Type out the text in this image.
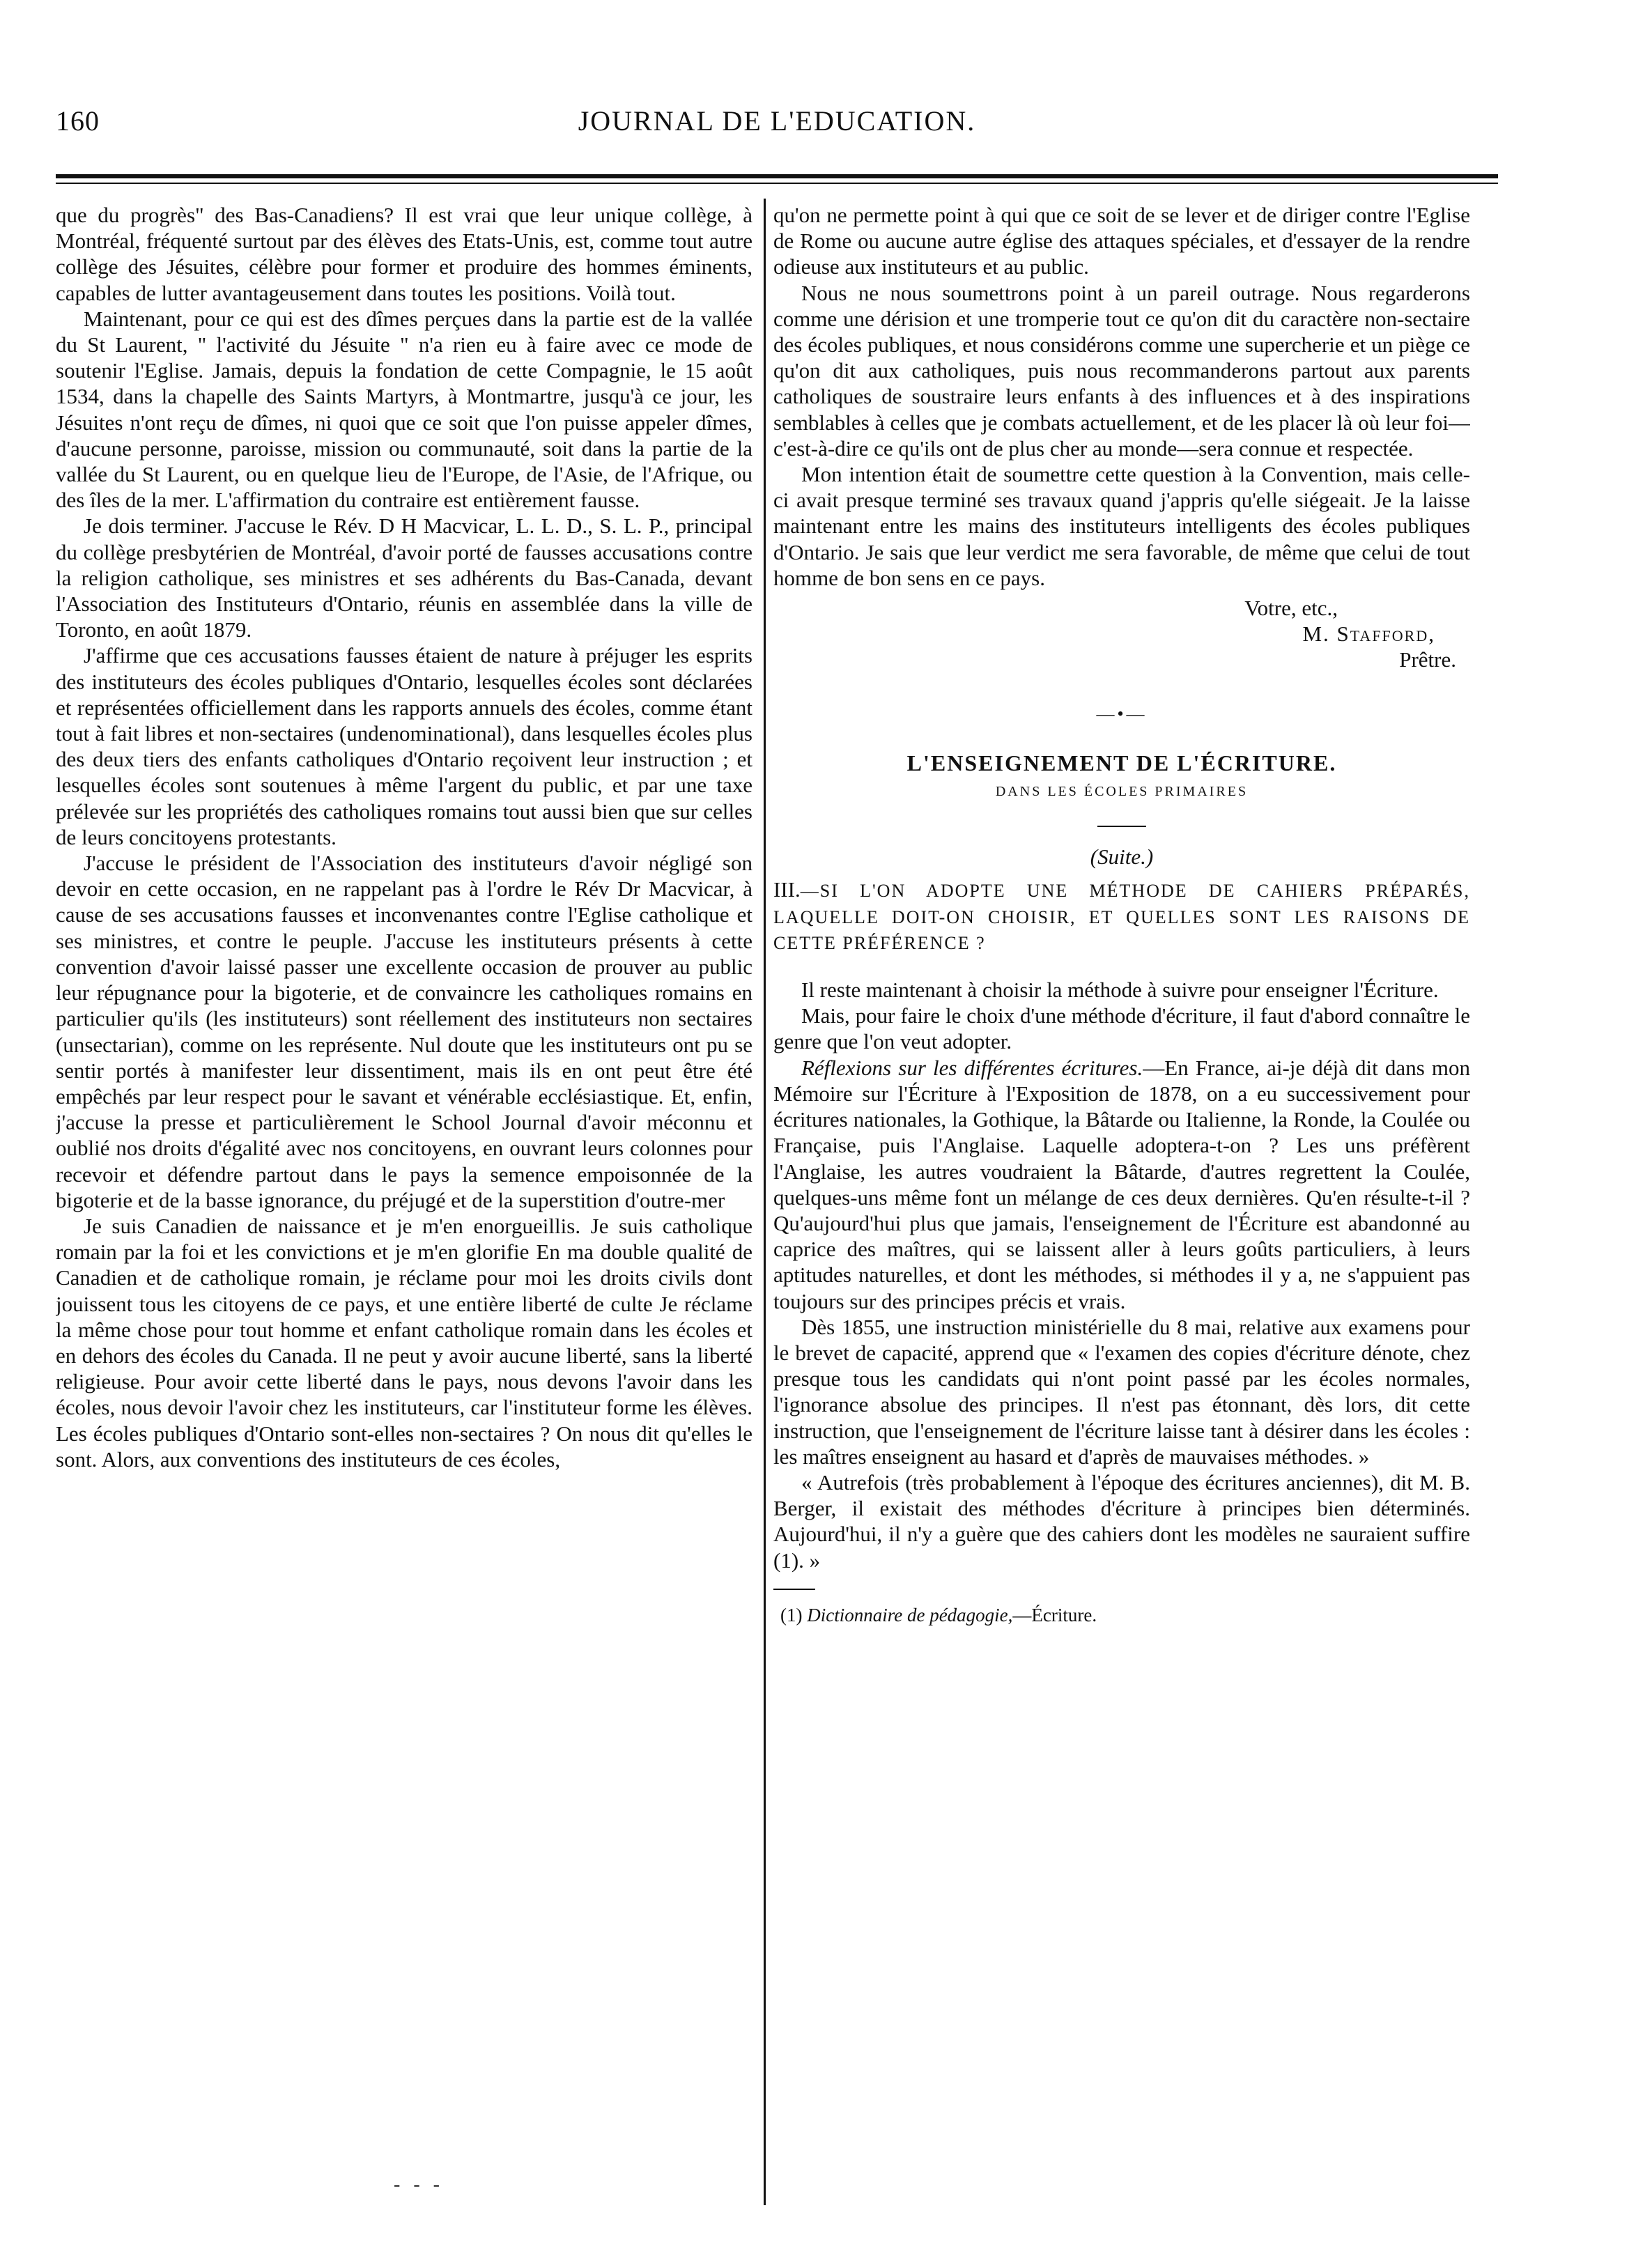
160	JOURNAL DE L'EDUCATION.

que du progrès" des Bas-Canadiens? Il est vrai que leur unique collège, à Montréal, fréquenté surtout par des élèves des Etats-Unis, est, comme tout autre collège des Jésuites, célèbre pour former et produire des hommes éminents, capables de lutter avantageusement dans toutes les positions. Voilà tout.

Maintenant, pour ce qui est des dîmes perçues dans la partie est de la vallée du St Laurent, " l'activité du Jésuite " n'a rien eu à faire avec ce mode de soutenir l'Eglise. Jamais, depuis la fondation de cette Compagnie, le 15 août 1534, dans la chapelle des Saints Martyrs, à Montmartre, jusqu'à ce jour, les Jésuites n'ont reçu de dîmes, ni quoi que ce soit que l'on puisse appeler dîmes, d'aucune personne, paroisse, mission ou communauté, soit dans la partie de la vallée du St Laurent, ou en quelque lieu de l'Europe, de l'Asie, de l'Afrique, ou des îles de la mer. L'affirmation du contraire est entièrement fausse.

Je dois terminer. J'accuse le Rév. D H Macvicar, L. L. D., S. L. P., principal du collège presbytérien de Montréal, d'avoir porté de fausses accusations contre la religion catholique, ses ministres et ses adhérents du Bas-Canada, devant l'Association des Instituteurs d'Ontario, réunis en assemblée dans la ville de Toronto, en août 1879.

J'affirme que ces accusations fausses étaient de nature à préjuger les esprits des instituteurs des écoles publiques d'Ontario, lesquelles écoles sont déclarées et représentées officiellement dans les rapports annuels des écoles, comme étant tout à fait libres et non-sectaires (undenominational), dans lesquelles écoles plus des deux tiers des enfants catholiques d'Ontario reçoivent leur instruction ; et lesquelles écoles sont soutenues à même l'argent du public, et par une taxe prélevée sur les propriétés des catholiques romains tout aussi bien que sur celles de leurs concitoyens protestants.

J'accuse le président de l'Association des instituteurs d'avoir négligé son devoir en cette occasion, en ne rappelant pas à l'ordre le Rév Dr Macvicar, à cause de ses accusations fausses et inconvenantes contre l'Eglise catholique et ses ministres, et contre le peuple. J'accuse les instituteurs présents à cette convention d'avoir laissé passer une excellente occasion de prouver au public leur répugnance pour la bigoterie, et de convaincre les catholiques romains en particulier qu'ils (les instituteurs) sont réellement des instituteurs non sectaires (unsectarian), comme on les représente. Nul doute que les instituteurs ont pu se sentir portés à manifester leur dissentiment, mais ils en ont peut être été empêchés par leur respect pour le savant et vénérable ecclésiastique. Et, enfin, j'accuse la presse et particulièrement le School Journal d'avoir méconnu et oublié nos droits d'égalité avec nos concitoyens, en ouvrant leurs colonnes pour recevoir et défendre partout dans le pays la semence empoisonnée de la bigoterie et de la basse ignorance, du préjugé et de la superstition d'outre-mer

Je suis Canadien de naissance et je m'en enorgueillis. Je suis catholique romain par la foi et les convictions et je m'en glorifie En ma double qualité de Canadien et de catholique romain, je réclame pour moi les droits civils dont jouissent tous les citoyens de ce pays, et une entière liberté de culte Je réclame la même chose pour tout homme et enfant catholique romain dans les écoles et en dehors des écoles du Canada. Il ne peut y avoir aucune liberté, sans la liberté religieuse. Pour avoir cette liberté dans le pays, nous devons l'avoir dans les écoles, nous devoir l'avoir chez les instituteurs, car l'instituteur forme les élèves. Les écoles publiques d'Ontario sont-elles non-sectaires ? On nous dit qu'elles le sont. Alors, aux conventions des instituteurs de ces écoles,

qu'on ne permette point à qui que ce soit de se lever et de diriger contre l'Eglise de Rome ou aucune autre église des attaques spéciales, et d'essayer de la rendre odieuse aux instituteurs et au public.

Nous ne nous soumettrons point à un pareil outrage. Nous regarderons comme une dérision et une tromperie tout ce qu'on dit du caractère non-sectaire des écoles publiques, et nous considérons comme une supercherie et un piège ce qu'on dit aux catholiques, puis nous recommanderons partout aux parents catholiques de soustraire leurs enfants à des influences et à des inspirations semblables à celles que je combats actuellement, et de les placer là où leur foi—c'est-à-dire ce qu'ils ont de plus cher au monde—sera connue et respectée.

Mon intention était de soumettre cette question à la Convention, mais celle-ci avait presque terminé ses travaux quand j'appris qu'elle siégeait. Je la laisse maintenant entre les mains des instituteurs intelligents des écoles publiques d'Ontario. Je sais que leur verdict me sera favorable, de même que celui de tout homme de bon sens en ce pays.

Votre, etc.,

M. Stafford,

Prêtre.

—•—

L'ENSEIGNEMENT DE L'ÉCRITURE.

DANS LES ÉCOLES PRIMAIRES

(Suite.)

III.—SI L'ON ADOPTE UNE MÉTHODE DE CAHIERS PRÉPARÉS, LAQUELLE DOIT-ON CHOISIR, ET QUELLES SONT LES RAISONS DE CETTE PRÉFÉRENCE ?

Il reste maintenant à choisir la méthode à suivre pour enseigner l'Écriture.

Mais, pour faire le choix d'une méthode d'écriture, il faut d'abord connaître le genre que l'on veut adopter.

Réflexions sur les différentes écritures.—En France, ai-je déjà dit dans mon Mémoire sur l'Écriture à l'Exposition de 1878, on a eu successivement pour écritures nationales, la Gothique, la Bâtarde ou Italienne, la Ronde, la Coulée ou Française, puis l'Anglaise. Laquelle adoptera-t-on ? Les uns préfèrent l'Anglaise, les autres voudraient la Bâtarde, d'autres regrettent la Coulée, quelques-uns même font un mélange de ces deux dernières. Qu'en résulte-t-il ? Qu'aujourd'hui plus que jamais, l'enseignement de l'Écriture est abandonné au caprice des maîtres, qui se laissent aller à leurs goûts particuliers, à leurs aptitudes naturelles, et dont les méthodes, si méthodes il y a, ne s'appuient pas toujours sur des principes précis et vrais.

Dès 1855, une instruction ministérielle du 8 mai, relative aux examens pour le brevet de capacité, apprend que « l'examen des copies d'écriture dénote, chez presque tous les candidats qui n'ont point passé par les écoles normales, l'ignorance absolue des principes. Il n'est pas étonnant, dès lors, dit cette instruction, que l'enseignement de l'écriture laisse tant à désirer dans les écoles : les maîtres enseignent au hasard et d'après de mauvaises méthodes. »

« Autrefois (très probablement à l'époque des écritures anciennes), dit M. B. Berger, il existait des méthodes d'écriture à principes bien déterminés. Aujourd'hui, il n'y a guère que des cahiers dont les modèles ne sauraient suffire (1). »

(1) Dictionnaire de pédagogie,—Écriture.

- - -
